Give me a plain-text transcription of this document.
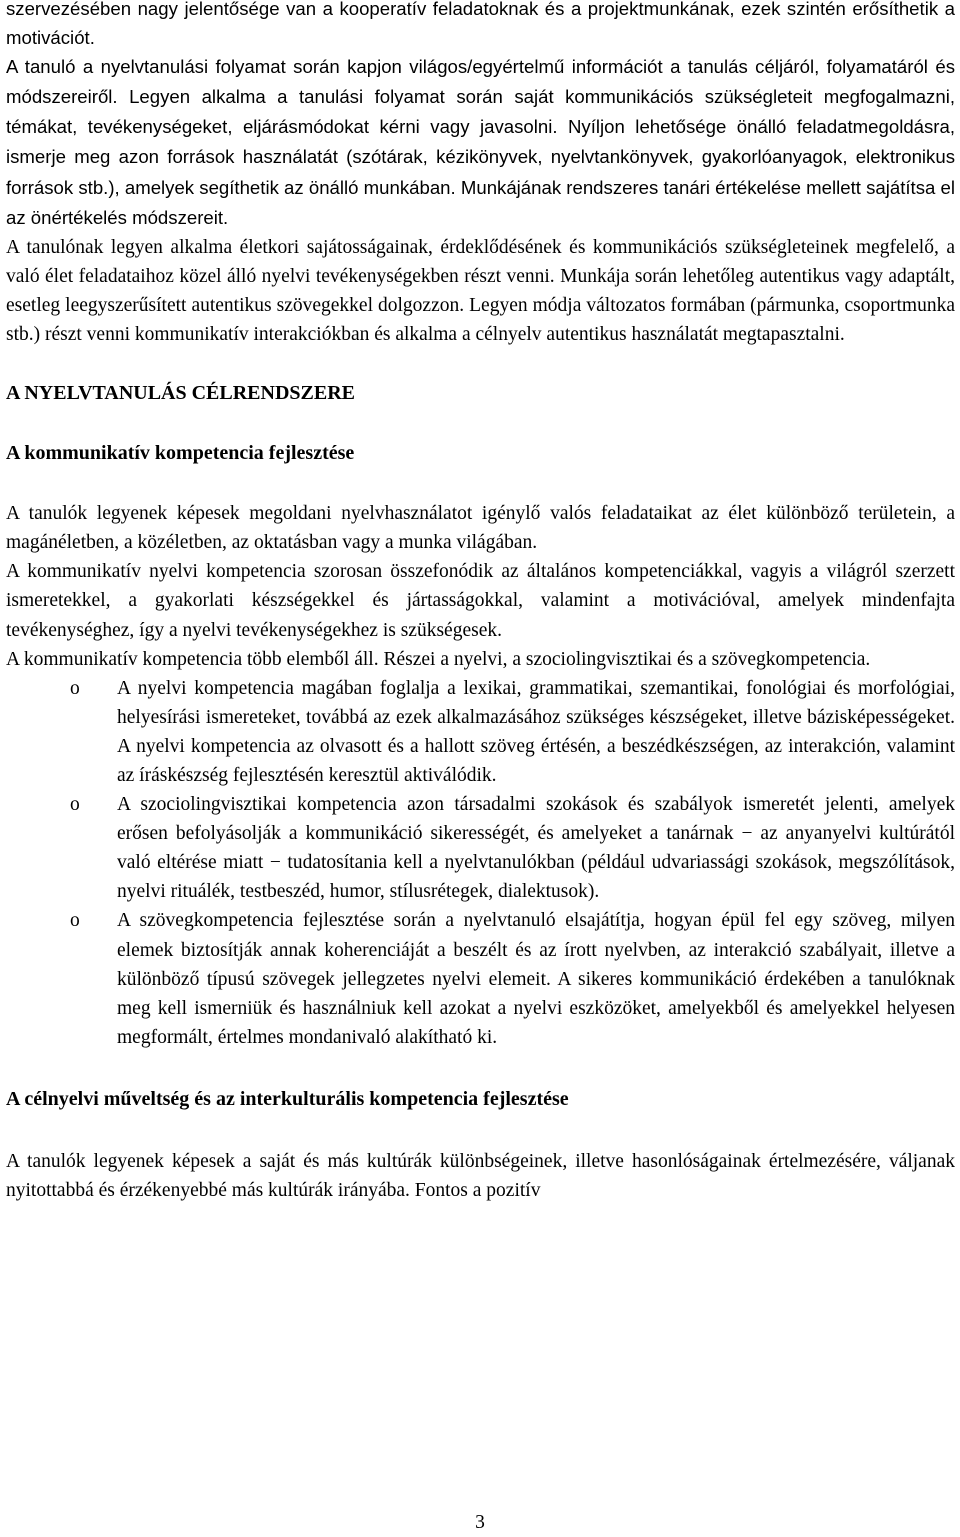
szervezésében nagy jelentősége van a kooperatív feladatoknak és a projektmunkának, ezek szintén erősíthetik a motivációt.

A tanuló a nyelvtanulási folyamat során kapjon világos/egyértelmű információt a tanulás céljáról, folyamatáról és módszereiről. Legyen alkalma a tanulási folyamat során saját kommunikációs szükségleteit megfogalmazni, témákat, tevékenységeket, eljárásmódokat kérni vagy javasolni. Nyíljon lehetősége önálló feladatmegoldásra, ismerje meg azon források használatát (szótárak, kézikönyvek, nyelvtankönyvek, gyakorlóanyagok, elektronikus források stb.), amelyek segíthetik az önálló munkában. Munkájának rendszeres tanári értékelése mellett sajátítsa el az önértékelés módszereit.

A tanulónak legyen alkalma életkori sajátosságainak, érdeklődésének és kommunikációs szükségleteinek megfelelő, a való élet feladataihoz közel álló nyelvi tevékenységekben részt venni. Munkája során lehetőleg autentikus vagy adaptált, esetleg leegyszerűsített autentikus szövegekkel dolgozzon. Legyen módja változatos formában (pármunka, csoportmunka stb.) részt venni kommunikatív interakciókban és alkalma a célnyelv autentikus használatát megtapasztalni.

A NYELVTANULÁS CÉLRENDSZERE
A kommunikatív kompetencia fejlesztése

A tanulók legyenek képesek megoldani nyelvhasználatot igénylő valós feladataikat az élet különböző területein, a magánéletben, a közéletben, az oktatásban vagy a munka világában.

A kommunikatív nyelvi kompetencia szorosan összefonódik az általános kompetenciákkal, vagyis a világról szerzett ismeretekkel, a gyakorlati készségekkel és jártasságokkal, valamint a motivációval, amelyek mindenfajta tevékenységhez, így a nyelvi tevékenységekhez is szükségesek.

A kommunikatív kompetencia több elemből áll. Részei a nyelvi, a szociolingvisztikai és a szövegkompetencia.

o A nyelvi kompetencia magában foglalja a lexikai, grammatikai, szemantikai, fonológiai és morfológiai, helyesírási ismereteket, továbbá az ezek alkalmazásához szükséges készségeket, illetve bázisképességeket. A nyelvi kompetencia az olvasott és a hallott szöveg értésén, a beszédkészségen, az interakción, valamint az íráskészség fejlesztésén keresztül aktiválódik.
o A szociolingvisztikai kompetencia azon társadalmi szokások és szabályok ismeretét jelenti, amelyek erősen befolyásolják a kommunikáció sikerességét, és amelyeket a tanárnak − az anyanyelvi kultúrától való eltérése miatt − tudatosítania kell a nyelvtanulókban (például udvariassági szokások, megszólítások, nyelvi rituálék, testbeszéd, humor, stílusrétegek, dialektusok).
o A szövegkompetencia fejlesztése során a nyelvtanuló elsajátítja, hogyan épül fel egy szöveg, milyen elemek biztosítják annak koherenciáját a beszélt és az írott nyelvben, az interakció szabályait, illetve a különböző típusú szövegek jellegzetes nyelvi elemeit. A sikeres kommunikáció érdekében a tanulóknak meg kell ismerniük és használniuk kell azokat a nyelvi eszközöket, amelyekből és amelyekkel helyesen megformált, értelmes mondanivaló alakítható ki.
A célnyelvi műveltség és az interkulturális kompetencia fejlesztése

A tanulók legyenek képesek a saját és más kultúrák különbségeinek, illetve hasonlóságainak értelmezésére, váljanak nyitottabbá és érzékenyebbé más kultúrák irányába. Fontos a pozitív

3
